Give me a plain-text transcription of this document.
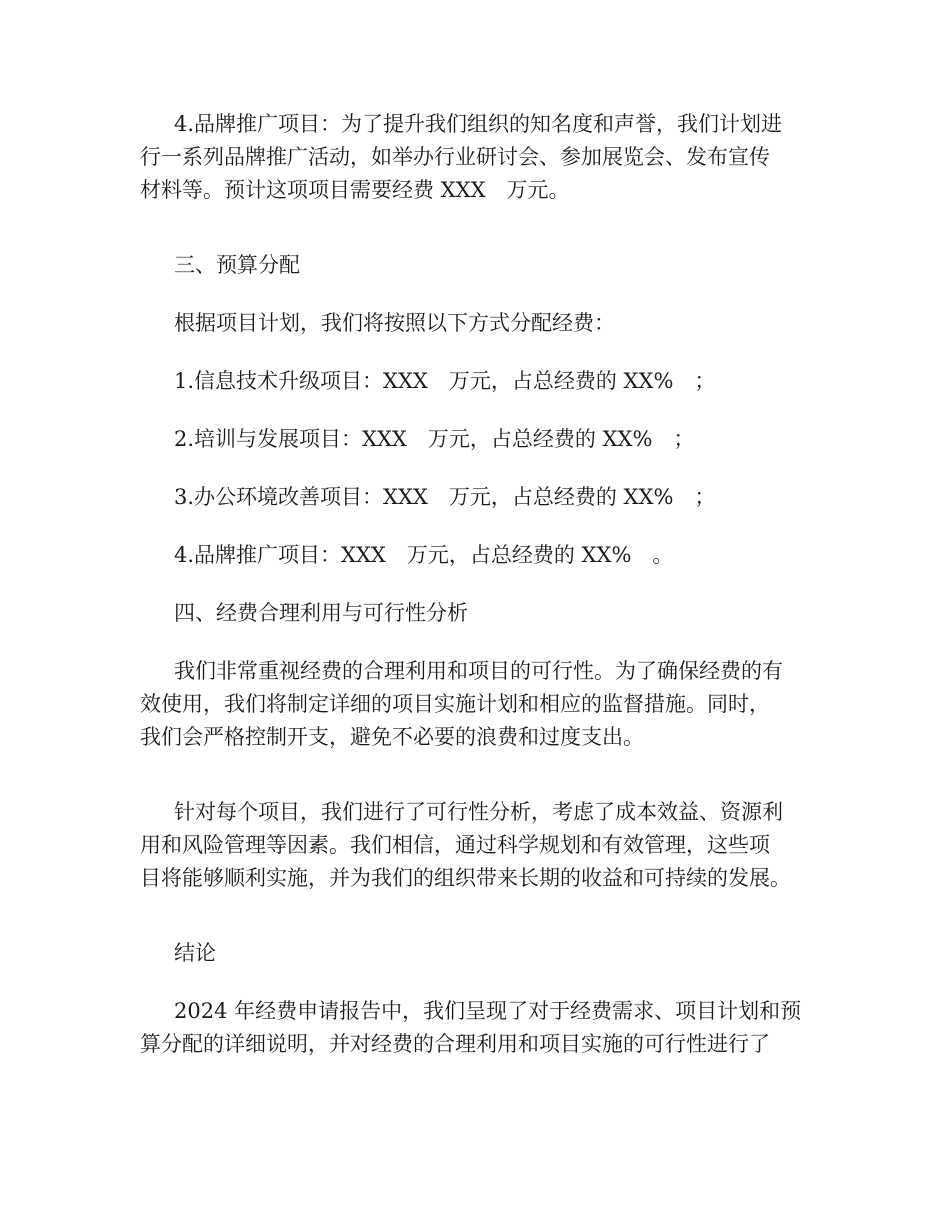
4.品牌推广项目：为了提升我们组织的知名度和声誉，我们计划进
行一系列品牌推广活动，如举办行业研讨会、参加展览会、发布宣传
材料等。预计这项项目需要经费 XXX　万元。
三、预算分配
根据项目计划，我们将按照以下方式分配经费：
1.信息技术升级项目：XXX　万元，占总经费的 XX%　；
2.培训与发展项目：XXX　万元，占总经费的 XX%　；
3.办公环境改善项目：XXX　万元，占总经费的 XX%　；
4.品牌推广项目：XXX　万元，占总经费的 XX%　。
四、经费合理利用与可行性分析
我们非常重视经费的合理利用和项目的可行性。为了确保经费的有
效使用，我们将制定详细的项目实施计划和相应的监督措施。同时，
我们会严格控制开支，避免不必要的浪费和过度支出。
针对每个项目，我们进行了可行性分析，考虑了成本效益、资源利
用和风险管理等因素。我们相信，通过科学规划和有效管理，这些项
目将能够顺利实施，并为我们的组织带来长期的收益和可持续的发展。
结论
2024 年经费申请报告中，我们呈现了对于经费需求、项目计划和预
算分配的详细说明，并对经费的合理利用和项目实施的可行性进行了
